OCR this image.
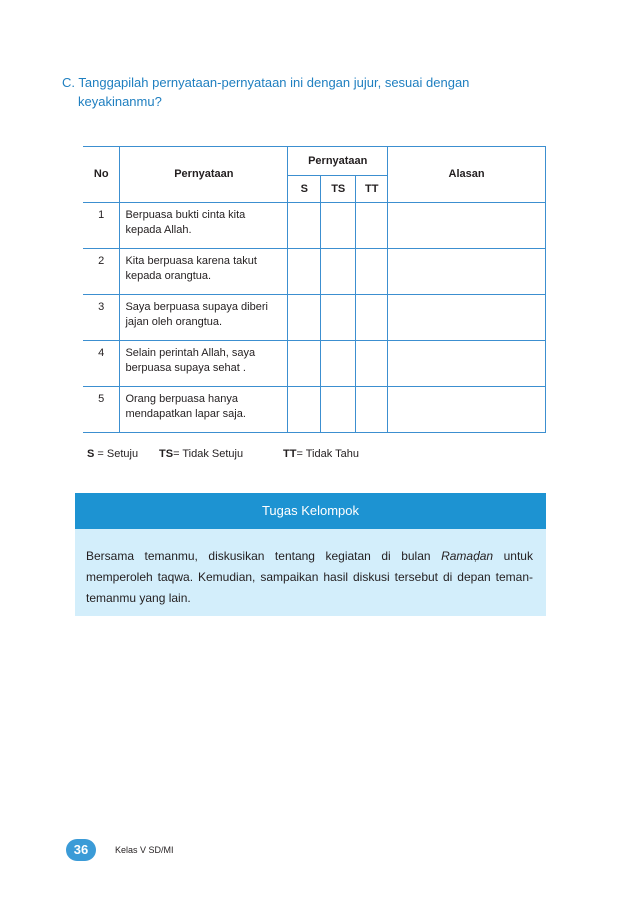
C. Tanggapilah pernyataan-pernyataan ini dengan jujur, sesuai dengan
keyakinanmu?
No	Pernyataan	Pernyataan			Alasan
		S	TS	TT	
1	Berpuasa bukti cinta kita kepada Allah.				
2	Kita berpuasa karena takut kepada orangtua.				
3	Saya berpuasa supaya diberi jajan oleh orangtua.				
4	Selain perintah Allah, saya berpuasa supaya sehat .				
5	Orang berpuasa hanya mendapatkan lapar saja.				
S = Setuju TS= Tidak Setuju	TT= Tidak Tahu
Tugas Kelompok
Bersama temanmu, diskusikan tentang kegiatan di bulan Ramaḍan untuk memperoleh taqwa. Kemudian, sampaikan hasil diskusi tersebut di depan teman-temanmu yang lain.
36	Kelas V SD/MI
